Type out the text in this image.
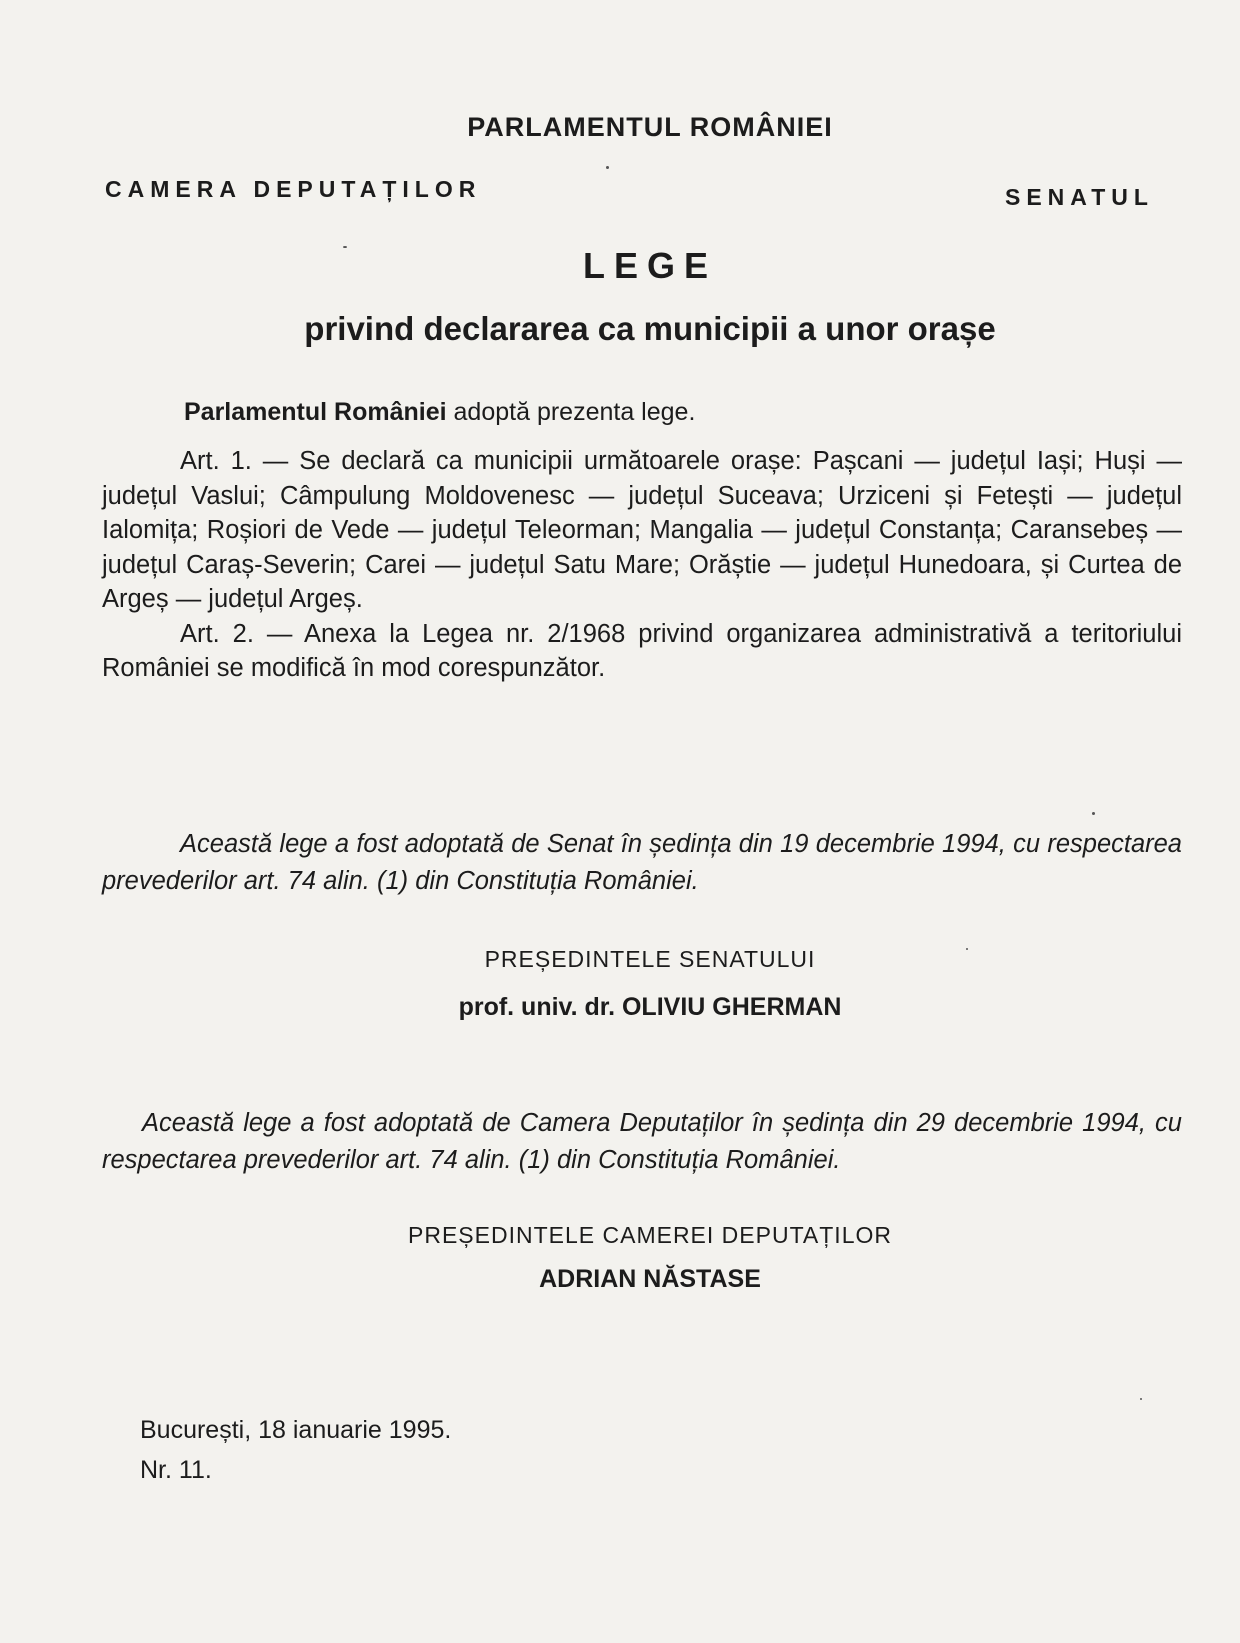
PARLAMENTUL ROMÂNIEI
CAMERA DEPUTAȚILOR	SENATUL
LEGE
privind declararea ca municipii a unor orașe
Parlamentul României adoptă prezenta lege.

Art. 1. — Se declară ca municipii următoarele orașe: Pașcani — județul Iași; Huși — județul Vaslui; Câmpulung Moldovenesc — județul Suceava; Urziceni și Fetești — județul Ialomița; Roșiori de Vede — județul Teleorman; Mangalia — județul Constanța; Caransebeș — județul Caraș-Severin; Carei — județul Satu Mare; Orăștie — județul Hunedoara, și Curtea de Argeș — județul Argeș.

Art. 2. — Anexa la Legea nr. 2/1968 privind organizarea administrativă a teritoriului României se modifică în mod corespunzător.

Această lege a fost adoptată de Senat în ședința din 19 decembrie 1994, cu respectarea prevederilor art. 74 alin. (1) din Constituția României.
PREȘEDINTELE SENATULUI
prof. univ. dr. OLIVIU GHERMAN
Această lege a fost adoptată de Camera Deputaților în ședința din 29 decembrie 1994, cu respectarea prevederilor art. 74 alin. (1) din Constituția României.
PREȘEDINTELE CAMEREI DEPUTAȚILOR
ADRIAN NĂSTASE
București, 18 ianuarie 1995.
Nr. 11.
